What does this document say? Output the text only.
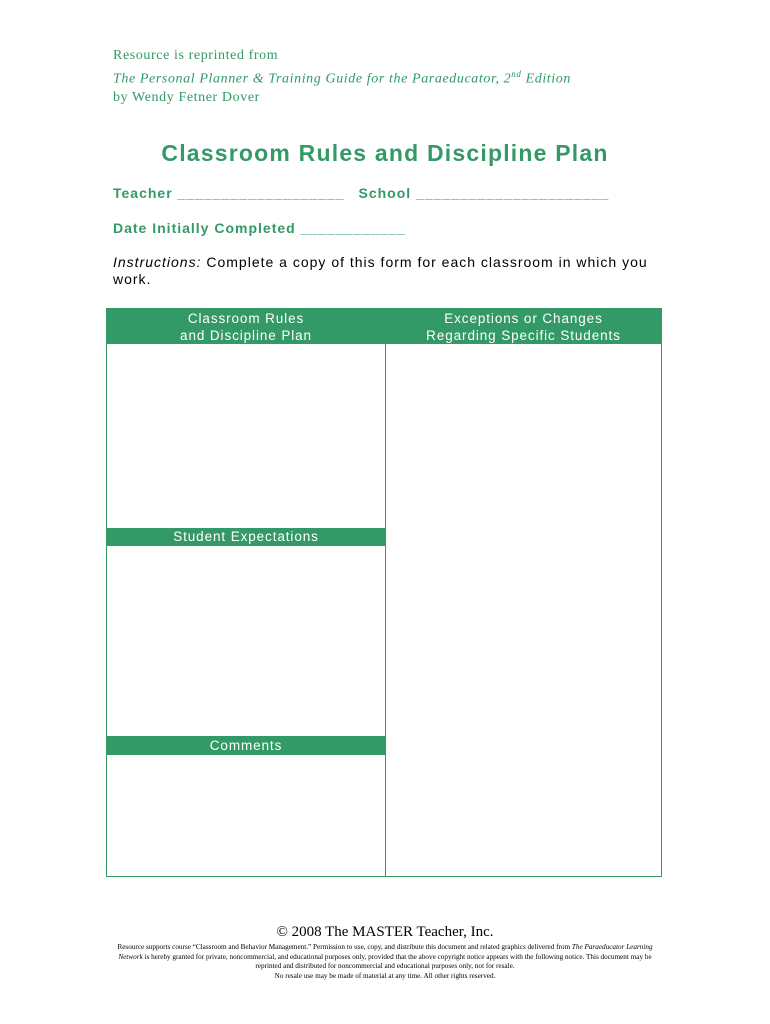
Resource is reprinted from
The Personal Planner & Training Guide for the Paraeducator, 2nd Edition
by Wendy Fetner Dover
Classroom Rules and Discipline Plan
Teacher ___________________ School ______________________
Date Initially Completed ____________
Instructions: Complete a copy of this form for each classroom in which you work.
Classroom Rules
and Discipline Plan
Exceptions or Changes
Regarding Specific Students
Student Expectations
Comments
© 2008 The MASTER Teacher, Inc.
Resource supports course “Classroom and Behavior Management.” Permission to use, copy, and distribute this document and related graphics delivered from The Paraeducator Learning Network is hereby granted for private, noncommercial, and educational purposes only, provided that the above copyright notice appears with the following notice. This document may be reprinted and distributed for noncommercial and educational purposes only, not for resale.
No resale use may be made of material at any time. All other rights reserved.
